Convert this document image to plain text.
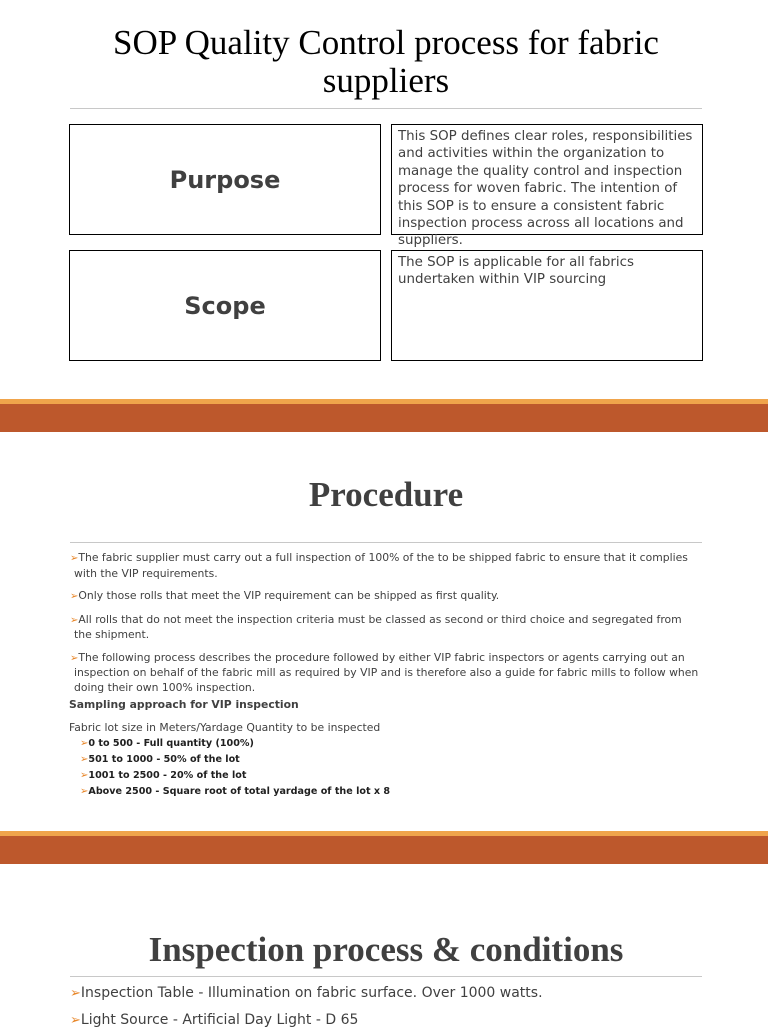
SOP Quality Control process for fabric suppliers
Purpose
This SOP defines clear roles, responsibilities and activities within the organization to manage the quality control and inspection process for woven fabric. The intention of this SOP is to ensure a consistent fabric inspection process across all locations and suppliers.
Scope
The SOP is applicable for all fabrics undertaken within VIP sourcing
Procedure

➢The fabric supplier must carry out a full inspection of 100% of the to be shipped fabric to ensure that it complies with the VIP requirements.

➢Only those rolls that meet the VIP requirement can be shipped as first quality.

➢All rolls that do not meet the inspection criteria must be classed as second or third choice and segregated from the shipment.

➢The following process describes the procedure followed by either VIP fabric inspectors or agents carrying out an inspection on behalf of the fabric mill as required by VIP and is therefore also a guide for fabric mills to follow when doing their own 100% inspection.

Sampling approach for VIP inspection
Fabric lot size in Meters/Yardage Quantity to be inspected
➢0 to 500 - Full quantity (100%)
➢501 to 1000 - 50% of the lot
➢1001 to 2500 - 20% of the lot
➢Above 2500 - Square root of total yardage of the lot x 8
Inspection process & conditions
➢Inspection Table - Illumination on fabric surface. Over 1000 watts.
➢Light Source - Artificial Day Light - D 65
